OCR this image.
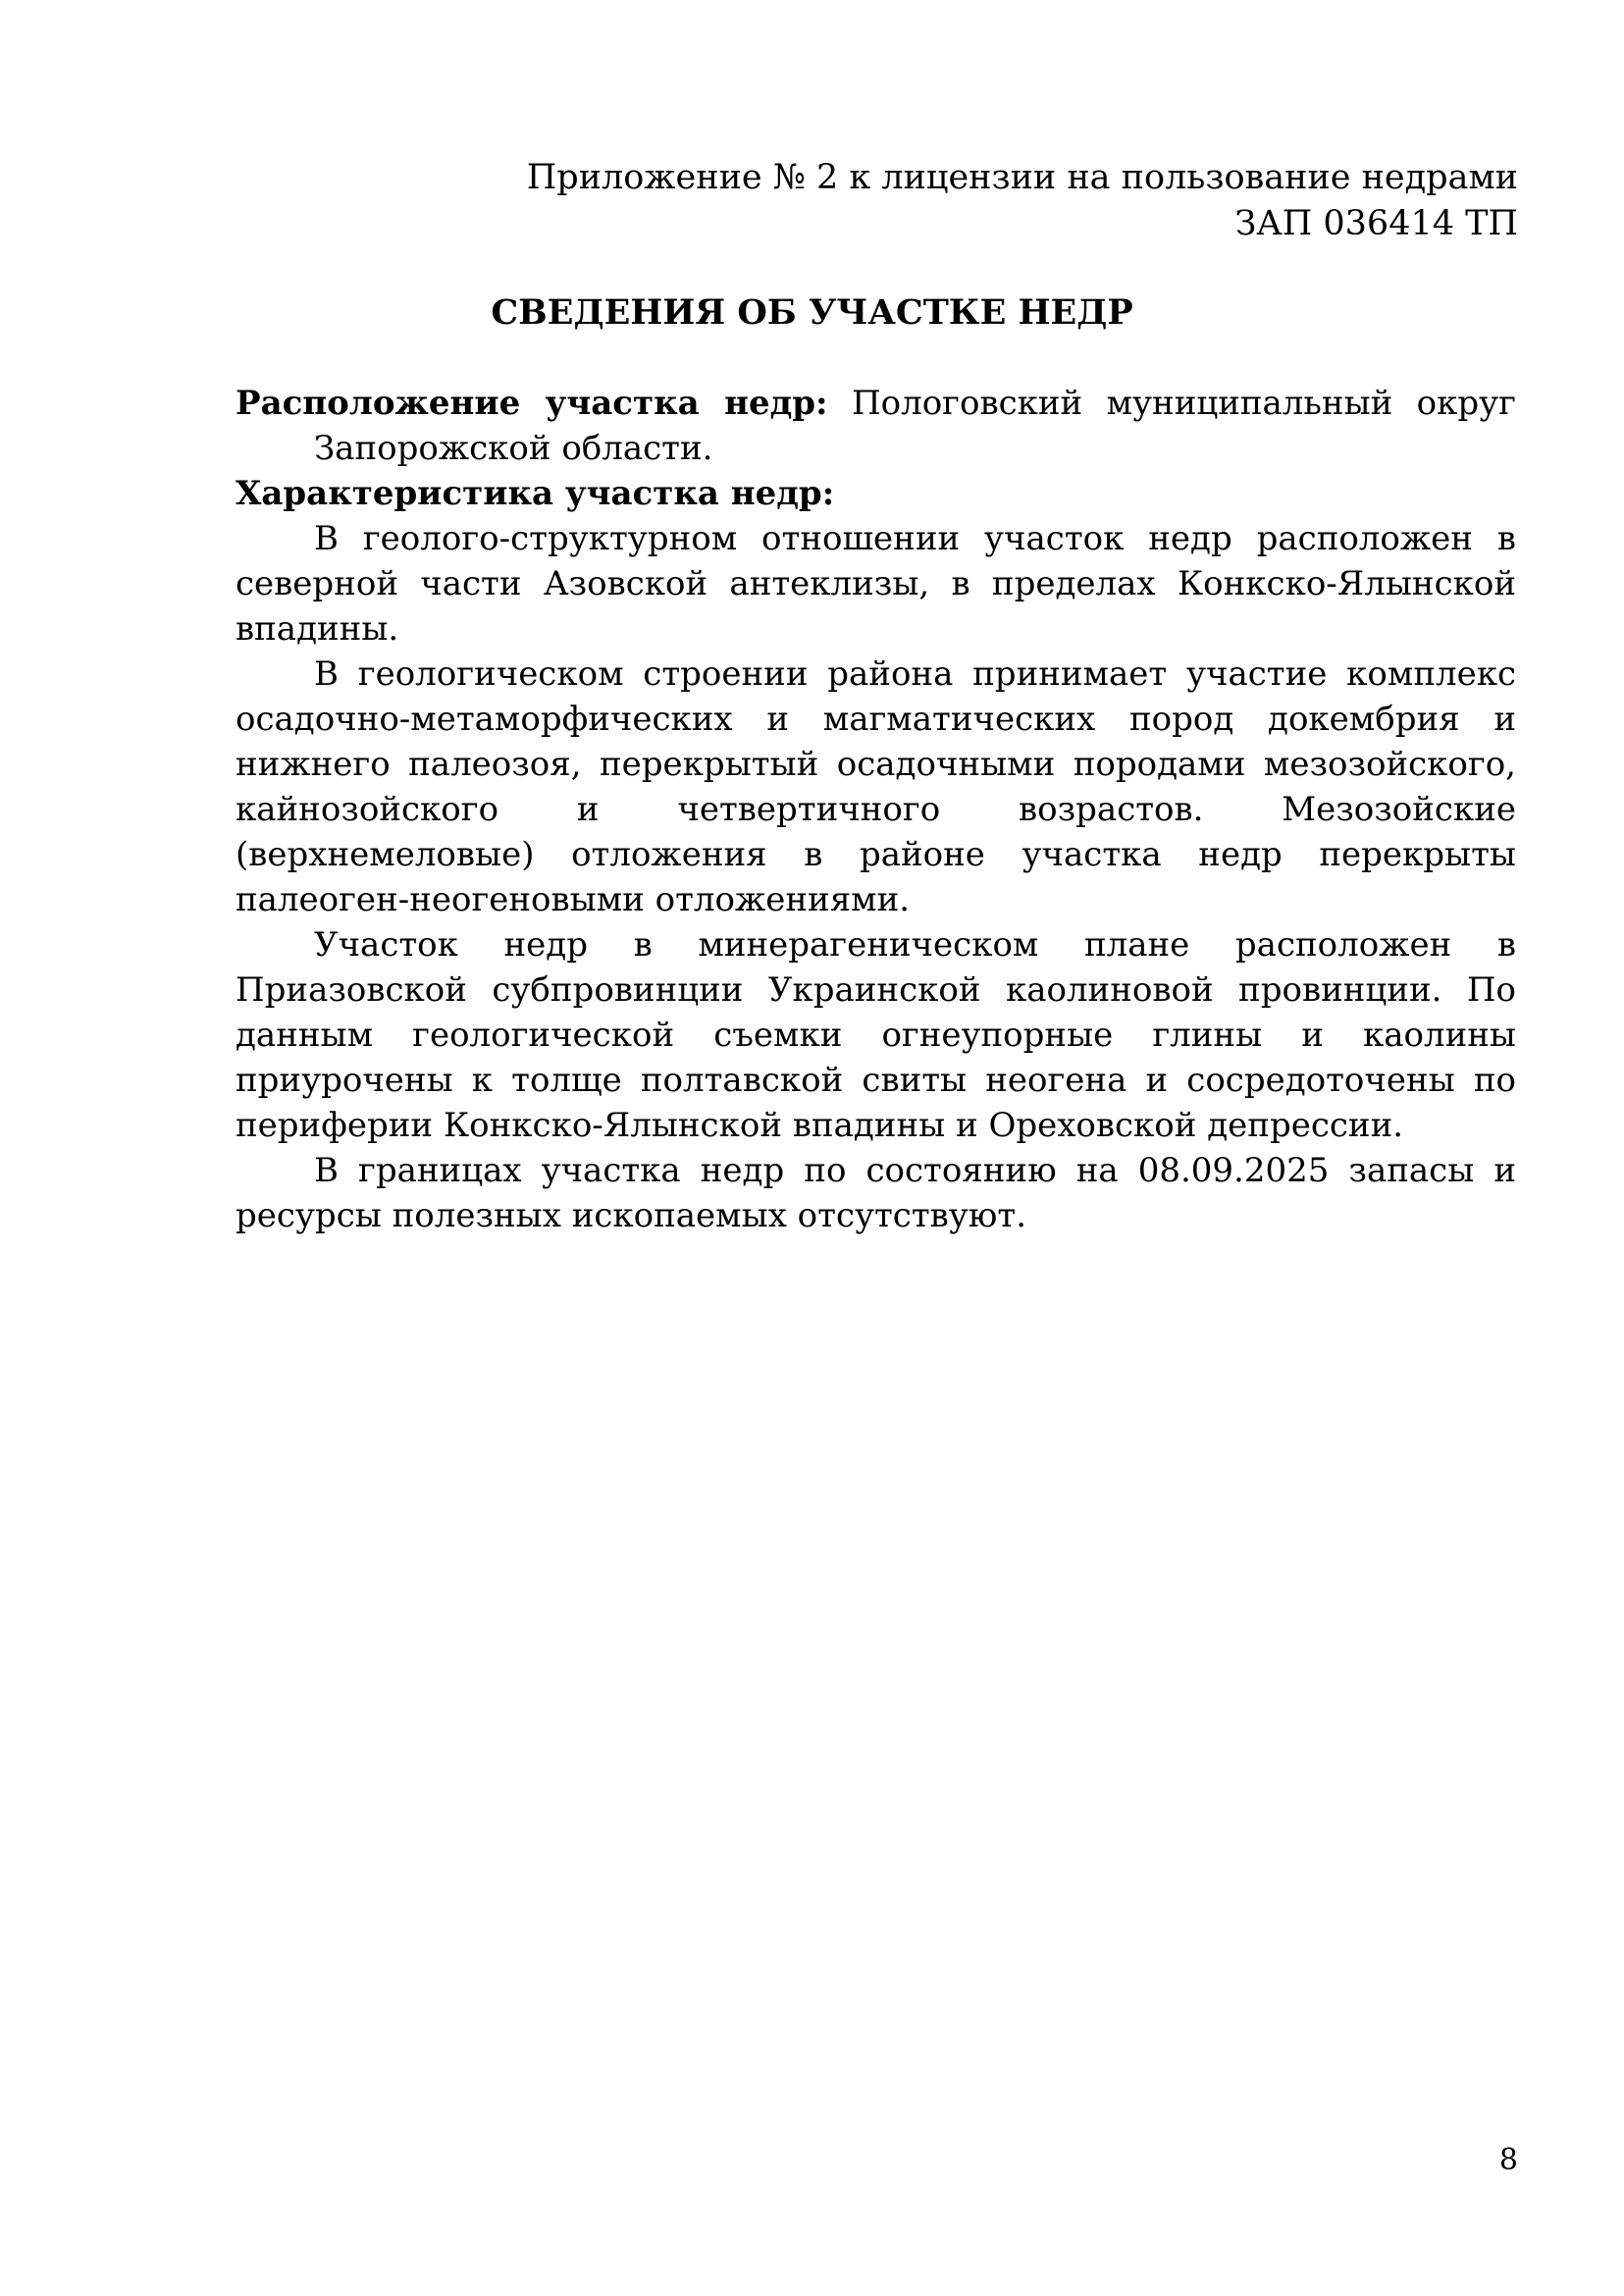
Приложение № 2 к лицензии на пользование недрами
ЗАП 036414 ТП
СВЕДЕНИЯ ОБ УЧАСТКЕ НЕДР

Расположение участка недр: Пологовский муниципальный округ

Запорожской области.

Характеристика участка недр:

В геолого-структурном отношении участок недр расположен в северной части Азовской антеклизы, в пределах Конкско-Ялынской впадины.

В геологическом строении района принимает участие комплекс осадочно-метаморфических и магматических пород докембрия и нижнего палеозоя, перекрытый осадочными породами мезозойского, кайнозойского и четвертичного возрастов. Мезозойские (верхнемеловые) отложения в районе участка недр перекрыты палеоген-неогеновыми отложениями.

Участок недр в минерагеническом плане расположен в Приазовской субпровинции Украинской каолиновой провинции. По данным геологической съемки огнеупорные глины и каолины приурочены к толще полтавской свиты неогена и сосредоточены по периферии Конкско-Ялынской впадины и Ореховской депрессии.

В границах участка недр по состоянию на 08.09.2025 запасы и ресурсы полезных ископаемых отсутствуют.

8
